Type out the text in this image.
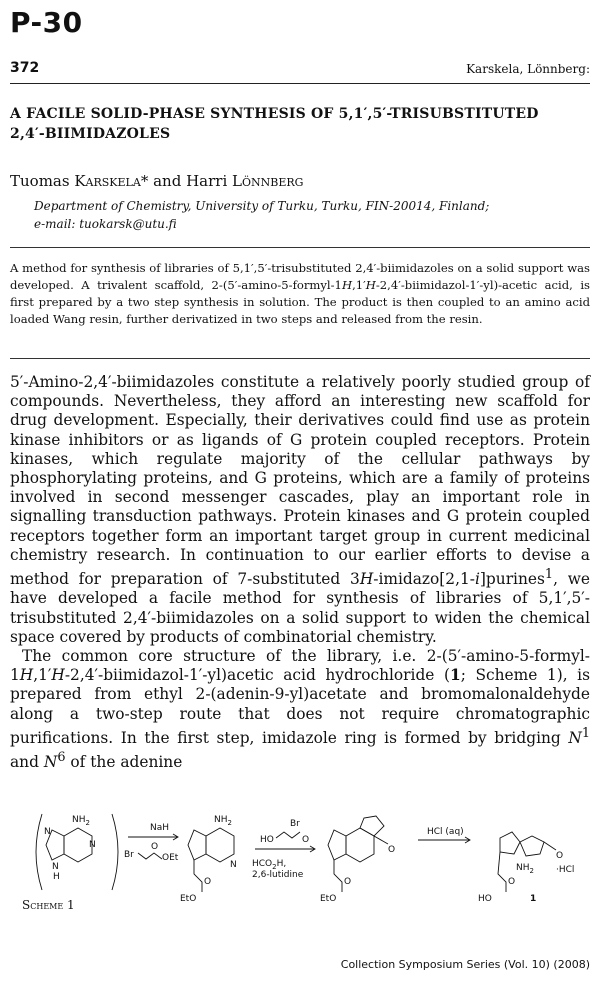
P-30
372	Karskela, Lönnberg:
A FACILE SOLID-PHASE SYNTHESIS OF 5,1′,5′-TRISUBSTITUTED
2,4′-BIIMIDAZOLES
Tuomas Karskela* and Harri Lönnberg
Department of Chemistry, University of Turku, Turku, FIN-20014, Finland;
e-mail: tuokarsk@utu.fi
A method for synthesis of libraries of 5,1′,5′-trisubstituted 2,4′-biimidazoles on a solid support was developed. A trivalent scaffold, 2-(5′-amino-5-formyl-1H,1′H-2,4′-biimidazol-1′-yl)-acetic acid, is first prepared by a two step synthesis in solution. The product is then coupled to an amino acid loaded Wang resin, further derivatized in two steps and released from the resin.

5′-Amino-2,4′-biimidazoles constitute a relatively poorly studied group of compounds. Nevertheless, they afford an interesting new scaffold for drug development. Especially, their derivatives could find use as protein kinase inhibitors or as ligands of G protein coupled receptors. Protein kinases, which regulate majority of the cellular pathways by phosphorylating proteins, and G proteins, which are a family of proteins involved in second messenger cascades, play an important role in signalling transduction pathways. Protein kinases and G protein coupled receptors together form an important target group in current medicinal chemistry research. In continuation to our earlier efforts to devise a method for preparation of 7-substituted 3H-imidazo[2,1-i]purines$^1$, we have developed a facile method for synthesis of libraries of 5,1′,5′-trisubstituted 2,4′-biimidazoles on a solid support to widen the chemical space covered by products of combinatorial chemistry.

The common core structure of the library, i.e. 2-(5′-amino-5-formyl-1H,1′H-2,4′-biimidazol-1′-yl)acetic acid hydrochloride (1; Scheme 1), is prepared from ethyl 2-(adenin-9-yl)acetate and bromomalonaldehyde along a two-step route that does not require chromatographic purifications. In the first step, imidazole ring is formed by bridging $N^1$ and $N^6$ of the adenine

$NH_2$
N
N
N
H
NaH
Br
O
OEt
$NH_2$
N
O
EtO
Br
HO	O
$HCO_2H$,
2,6-lutidine
O
O
EtO
HCl (aq)
O
$NH_2 \cdot HCl$
O
HO	1
Scheme 1
Collection Symposium Series (Vol. 10) (2008)
